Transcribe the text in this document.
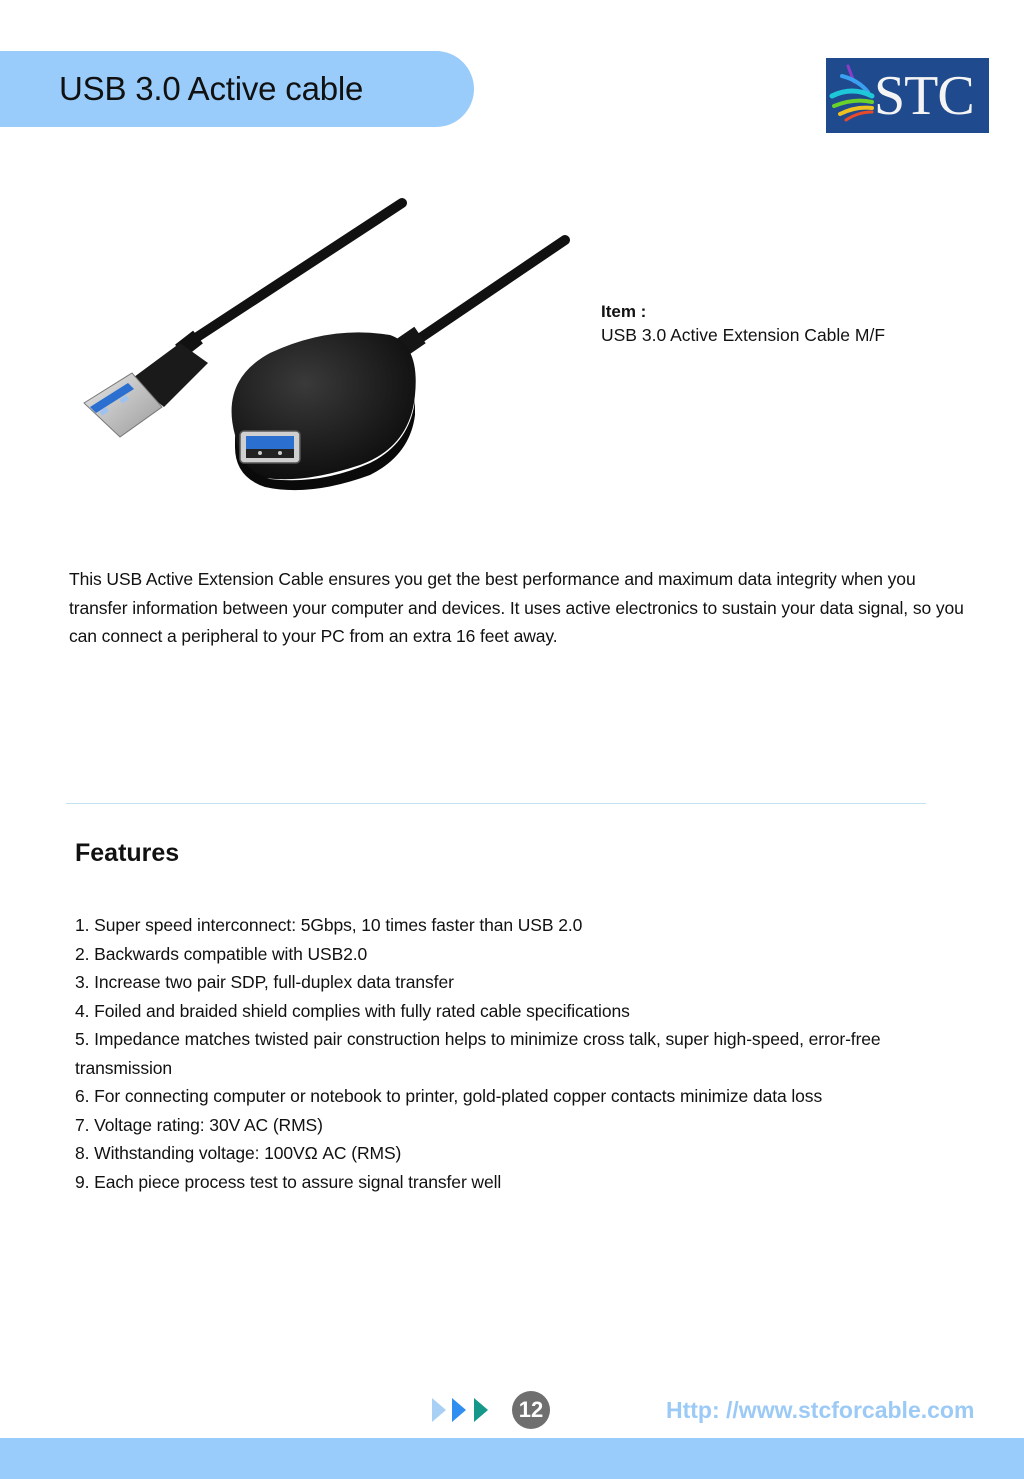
USB 3.0 Active cable	STC
Item :
USB 3.0 Active Extension Cable M/F
This USB Active Extension Cable ensures you get the best performance and maximum data integrity when you transfer information between your computer and devices. It uses active electronics to sustain your data signal, so you can connect a peripheral to your PC from an extra 16 feet away.
Features
1. Super speed interconnect: 5Gbps, 10 times faster than USB 2.0
2. Backwards compatible with USB2.0
3. Increase two pair SDP, full-duplex data transfer
4. Foiled and braided shield complies with fully rated cable specifications
5. Impedance matches twisted pair construction helps to minimize cross talk, super high-speed, error-free transmission
6. For connecting computer or notebook to printer, gold-plated copper contacts minimize data loss
7. Voltage rating: 30V AC (RMS)
8. Withstanding voltage: 100VΩ AC (RMS)
9. Each piece process test to assure signal transfer well
12	Http: //www.stcforcable.com
